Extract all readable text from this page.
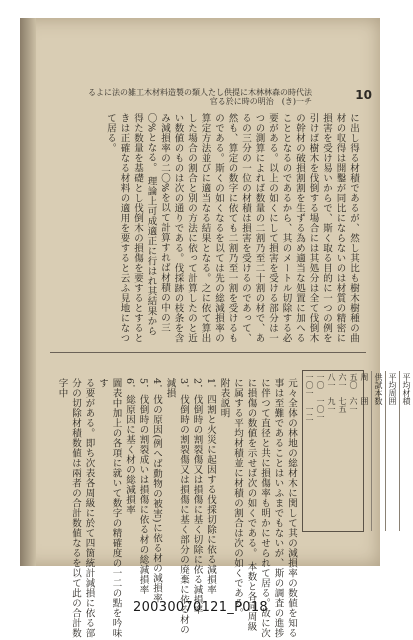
るよに法の雑工木材料造製の類人たし供提に木林林森の時代法官る於に時の明治　(き)一チ	10
に出し得る材積であるが、然し其比も樹木樹種の曲材の収得は開鑿が同比にならないのは材質の精密に損害を受け易いからで、斯く取る目的に一つの例を引けば樹木を伐倒する場合には其処分は全て伐倒木の幹材の破損割割を生ずる為め適当な処置に加へることとなるのであるから、其のメートル切除する必要がある。以上の如くにして損害を受ける部分は一つの測算によれば数量の二割乃至二十割の材で、あるの三分の一位の材積は損害を受けるのであって、然も、算定の数字に依ても二割乃至一割を受けるものである。斯くの如くなるを以ては先の総減損率の算定方法並びに適当なる結果となる。之に依て算出した場合の割合と別の方法に依って計算したのと近い数値のものは次の通りである。伐採跡の枝条を含み減損率の二〇%を以て計算すれば材積の中の三〇%となる。 理論上可成適正に行はれ其結果から得た数量を基礎とし伐倒木の損傷を要するとするときは正確なる材料の適用を要すると云ふ見地になつて居る。
周　　囲
五〇　六一
六一　七五
八一　九一
一〇　一〇一
一〇一　一二	供試本数 平均周囲 平均材積
元々全体の林地の総材木に関して其の減損率の数値を知る事は至難であることはいふまでもないが、斯の調査の進捗に伴つて直径と共に損傷率も明かにせられて居る。故に次に損傷の数値を示せば次の如くである。 本数と各同周級に属する平均材積並に材積の割合は次の如くである。
附表説明
1．四割と火災に起因する伐採切除に依る減損率
2．伐倒時の割裂傷又は損傷に基く切除に依る減損率
3．伐倒時の割裂傷又は損傷に基く部分の廃棄に依る材の減損
4．伐の原因(例へば動物の被害)に依る材の減損率
5．伐倒時の割裂成いは損傷に依る材の総減損率
6．総原因に基く材の総減損率
圖表中加上の各項に就いて数字の精確度の一二の點を吟味す
る要がある。即ち次表各周級に於て四箇統計減損に依る部分の切除材積数値は兩者の合計数値なるを以て此の合計数字中
20030070121_P018
